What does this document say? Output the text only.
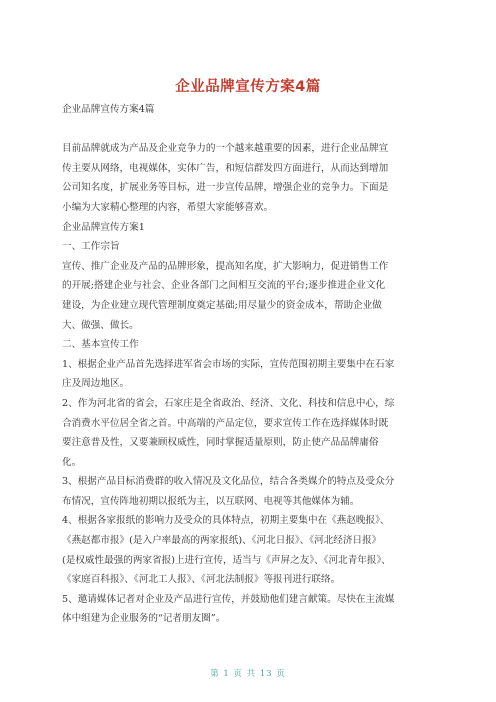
企业品牌宣传方案4篇
企业品牌宣传方案4篇
目前品牌就成为产品及企业竞争力的一个越来越重要的因素，进行企业品牌宣
传主要从网络，电视媒体，实体广告，和短信群发四方面进行，从而达到增加
公司知名度，扩展业务等目标，进一步宣传品牌，增强企业的竞争力。下面是
小编为大家精心整理的内容，希望大家能够喜欢。
企业品牌宣传方案1
一、工作宗旨
宣传、推广企业及产品的品牌形象，提高知名度，扩大影响力，促进销售工作
的开展;搭建企业与社会、企业各部门之间相互交流的平台;逐步推进企业文化
建设，为企业建立现代管理制度奠定基础;用尽量少的资金成本，帮助企业做
大、做强、做长。
二、基本宣传工作
1、根据企业产品首先选择进军省会市场的实际，宣传范围初期主要集中在石家
庄及周边地区。
2、作为河北省的省会，石家庄是全省政治、经济、文化、科技和信息中心，综
合消费水平位居全省之首。中高端的产品定位，要求宣传工作在选择媒体时既
要注意普及性，又要兼顾权威性，同时掌握适量原则，防止使产品品牌庸俗
化。
3、根据产品目标消费群的收入情况及文化品位，结合各类媒介的特点及受众分
布情况，宣传阵地初期以报纸为主，以互联网、电视等其他媒体为辅。
4、根据各家报纸的影响力及受众的具体特点，初期主要集中在《燕赵晚报》、
《燕赵都市报》(是入户率最高的两家报纸)、《河北日报》、《河北经济日报》
(是权威性最强的两家省报)上进行宣传，适当与《声屏之友》、《河北青年报》、
《家庭百科报》、《河北工人报》、《河北法制报》等报刊进行联络。
5、邀请媒体记者对企业及产品进行宣传，并鼓励他们建言献策。尽快在主流媒
体中组建为企业服务的“记者朋友圈”。
第 1 页 共 13 页
